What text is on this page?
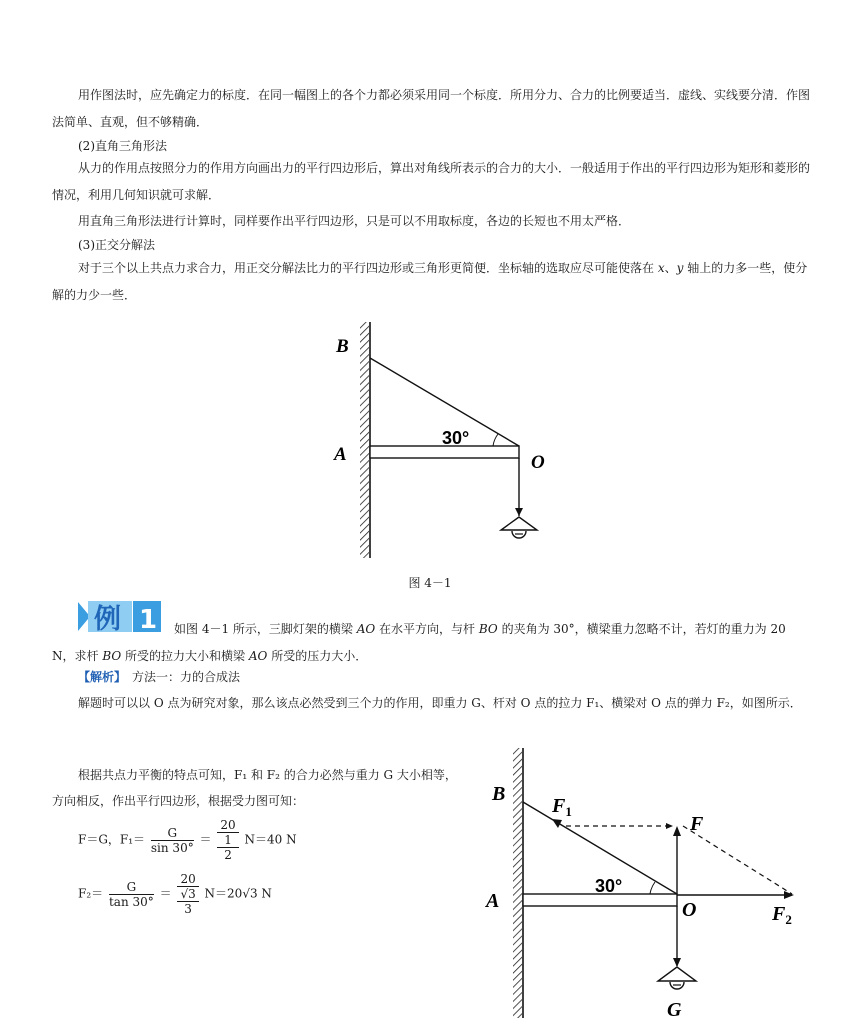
用作图法时，应先确定力的标度．在同一幅图上的各个力都必须采用同一个标度．所用分力、合力的比例要适当．虚线、实线要分清．作图法简单、直观，但不够精确．
(2)直角三角形法
从力的作用点按照分力的作用方向画出力的平行四边形后，算出对角线所表示的合力的大小．一般适用于作出的平行四边形为矩形和菱形的情况，利用几何知识就可求解．
用直角三角形法进行计算时，同样要作出平行四边形，只是可以不用取标度，各边的长短也不用太严格．
(3)正交分解法
对于三个以上共点力求合力，用正交分解法比力的平行四边形或三角形更简便．坐标轴的选取应尽可能使落在 x、y 轴上的力多一些，使分解的力少一些．
B
A	O
30°
图 4－1
例 1	如图 4－1 所示，三脚灯架的横梁 AO 在水平方向，与杆 BO 的夹角为 30°，横梁重力忽略不计，若灯的重力为 20 N，求杆 BO 所受的拉力大小和横梁 AO 所受的压力大小．
【解析】　 方法一：力的合成法
解题时可以以 O 点为研究对象，那么该点必然受到三个力的作用，即重力 G、杆对 O 点的拉力 F₁、横梁对 O 点的弹力 F₂，如图所示．
根据共点力平衡的特点可知，F₁ 和 F₂ 的合力必然与重力 G 大小相等，
方向相反，作出平行四边形，根据受力图可知：
F＝G，$F_1= \frac{G}{\sin 30^\circ} = 20$
1
2 N＝40 N
$F_2= \frac{G}{\tan 30^\circ} = 20$
√3
3 N＝20√3 N
B
A	O
$F_1$
F
$F_2$
G
30°
